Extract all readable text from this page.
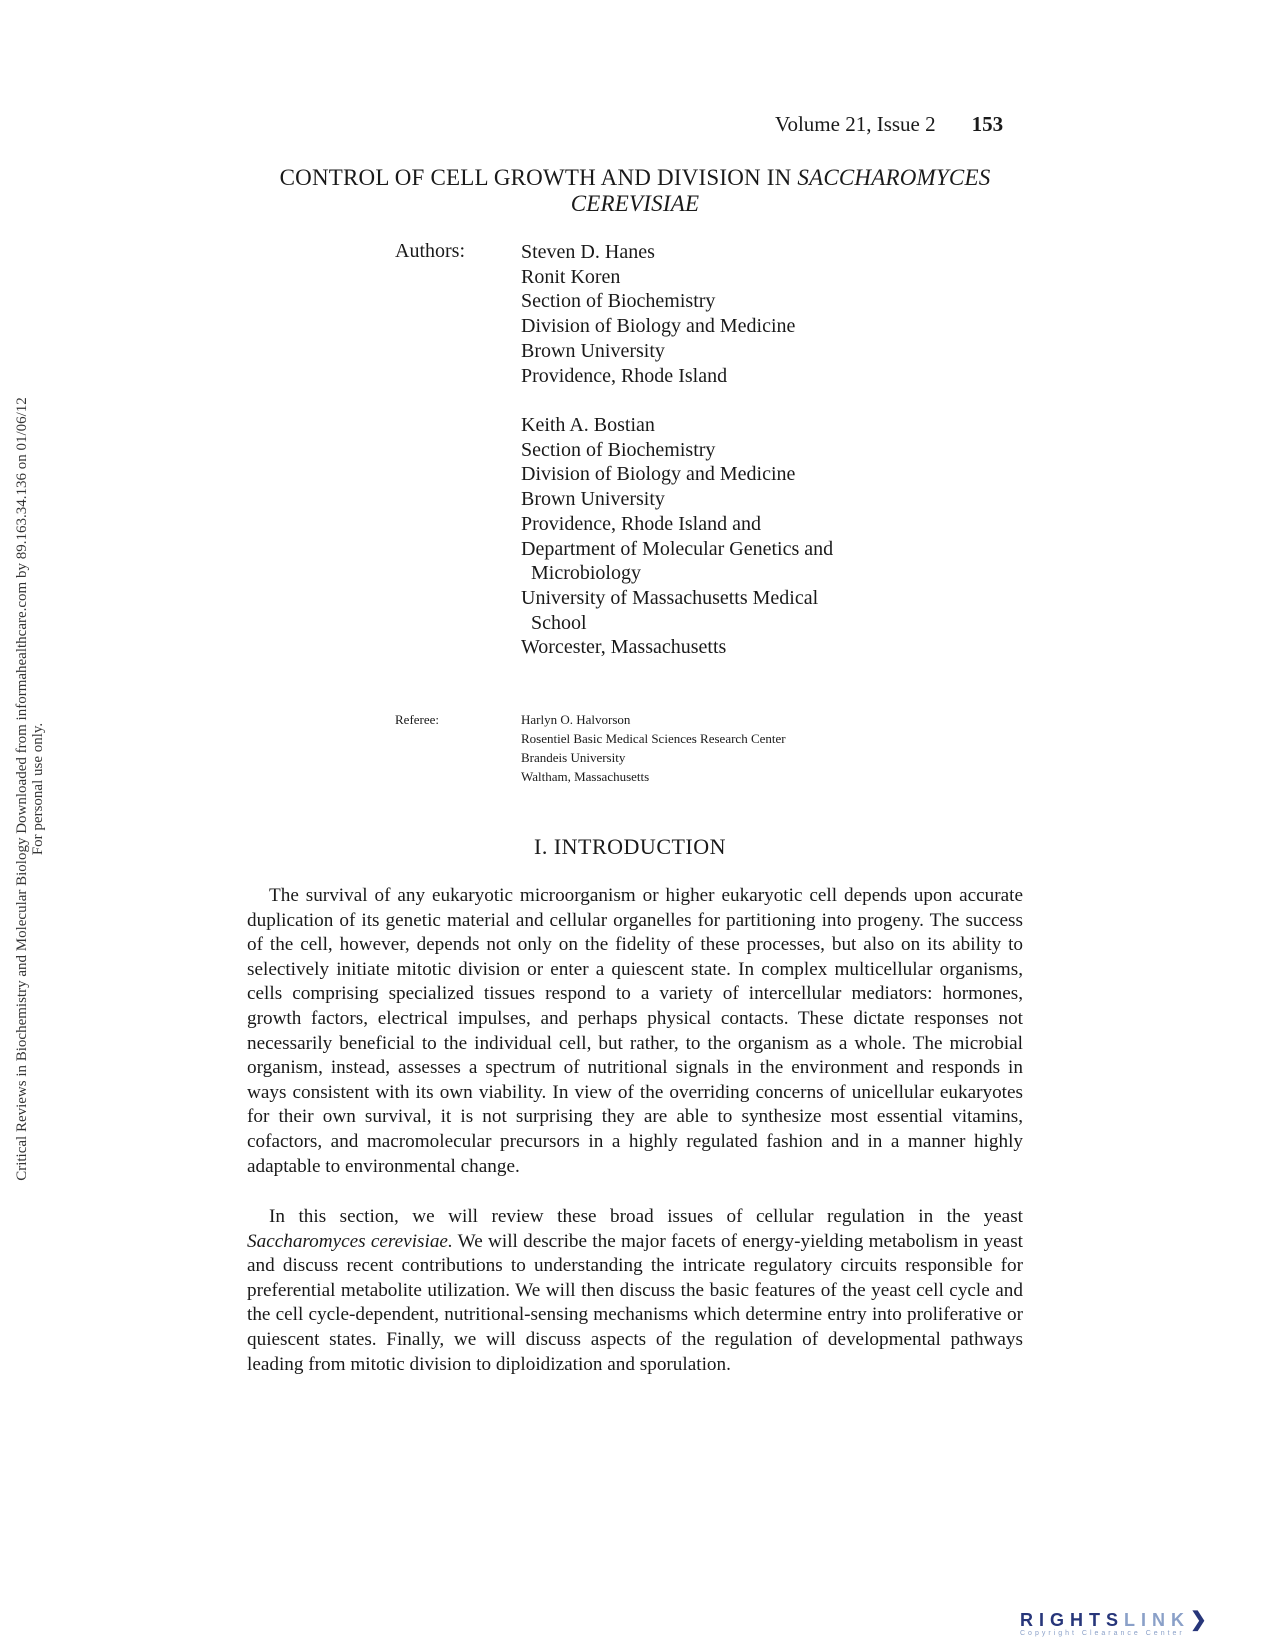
Volume 21, Issue 2 153
CONTROL OF CELL GROWTH AND DIVISION IN SACCHAROMYCES CEREVISIAE
Authors:	Steven D. Hanes
Ronit Koren
Section of Biochemistry
Division of Biology and Medicine
Brown University
Providence, Rhode Island
Keith A. Bostian
Section of Biochemistry
Division of Biology and Medicine
Brown University
Providence, Rhode Island and
Department of Molecular Genetics and
Microbiology
University of Massachusetts Medical
School
Worcester, Massachusetts
Referee:	Harlyn O. Halvorson
Rosentiel Basic Medical Sciences Research Center
Brandeis University
Waltham, Massachusetts
I. INTRODUCTION

The survival of any eukaryotic microorganism or higher eukaryotic cell depends upon accurate duplication of its genetic material and cellular organelles for partitioning into progeny. The success of the cell, however, depends not only on the fidelity of these processes, but also on its ability to selectively initiate mitotic division or enter a quiescent state. In complex multicellular organisms, cells comprising specialized tissues respond to a variety of intercellular mediators: hormones, growth factors, electrical impulses, and perhaps physical contacts. These dictate responses not necessarily beneficial to the individual cell, but rather, to the organism as a whole. The microbial organism, instead, assesses a spectrum of nutritional signals in the environment and responds in ways consistent with its own viability. In view of the overriding concerns of unicellular eukaryotes for their own survival, it is not surprising they are able to synthesize most essential vitamins, cofactors, and macromolecular precursors in a highly regulated fashion and in a manner highly adaptable to environmental change.

In this section, we will review these broad issues of cellular regulation in the yeast Saccharomyces cerevisiae. We will describe the major facets of energy-yielding metabolism in yeast and discuss recent contributions to understanding the intricate regulatory circuits responsible for preferential metabolite utilization. We will then discuss the basic features of the yeast cell cycle and the cell cycle-dependent, nutritional-sensing mechanisms which determine entry into proliferative or quiescent states. Finally, we will discuss aspects of the regulation of developmental pathways leading from mitotic division to diploidization and sporulation.

Critical Reviews in Biochemistry and Molecular Biology Downloaded from informahealthcare.com by 89.163.34.136 on 01/06/12 For personal use only.
RIGHTSLINK❯
Copyright Clearance Center
